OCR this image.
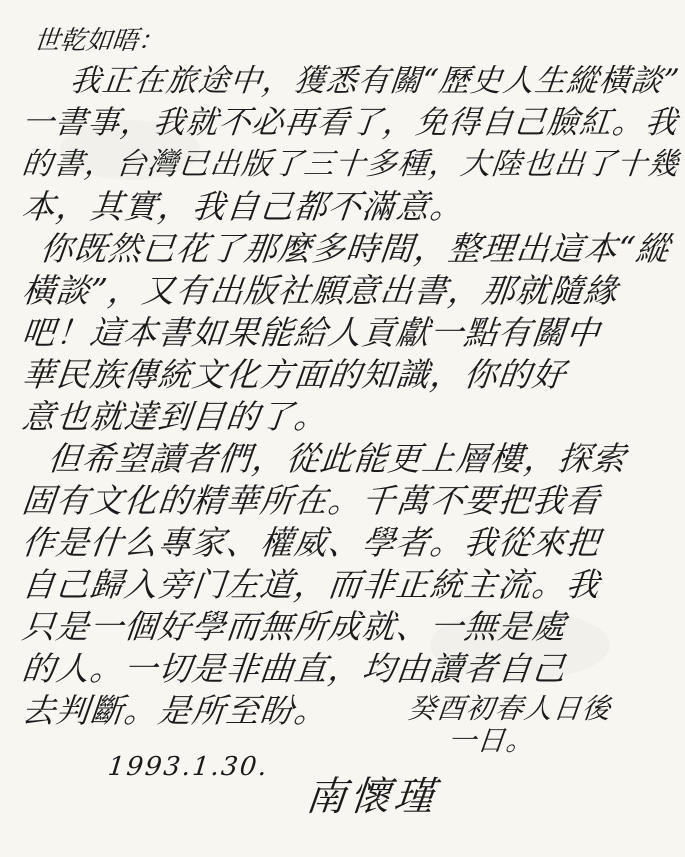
世乾如晤：
我正在旅途中，獲悉有關“歷史人生縱橫談”
一書事，我就不必再看了，免得自己臉紅。我
的書，台灣已出版了三十多種，大陸也出了十幾
本，其實，我自己都不滿意。
你既然已花了那麼多時間，整理出這本“縱
橫談”，又有出版社願意出書，那就隨緣
吧！這本書如果能給人貢獻一點有關中
華民族傳統文化方面的知識，你的好
意也就達到目的了。
但希望讀者們，從此能更上層樓，探索
固有文化的精華所在。千萬不要把我看
作是什么專家、權威、學者。我從來把
自己歸入旁门左道，而非正統主流。我
只是一個好學而無所成就、一無是處
的人。一切是非曲直，均由讀者自己
去判斷。是所至盼。	癸酉初春人日後
一日。
1993.1.30.
南懷瑾
